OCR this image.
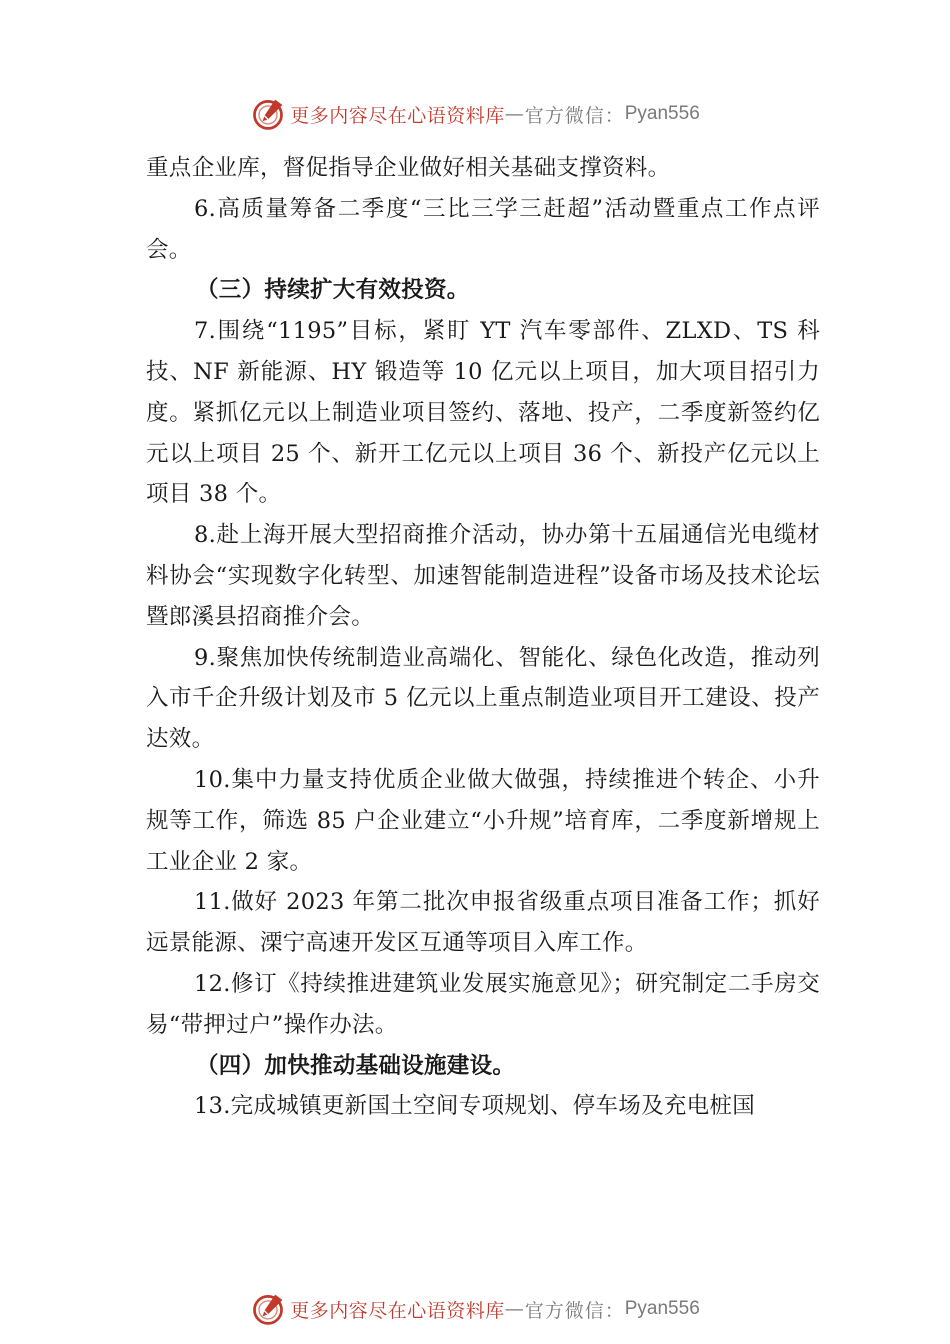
更多内容尽在心语资料库 — 官方微信： Pyan556

重点企业库，督促指导企业做好相关基础支撑资料。

6.高质量筹备二季度“三比三学三赶超”活动暨重点工作点评会。

（三）持续扩大有效投资。

7.围绕“1195”目标，紧盯 YT 汽车零部件、ZLXD、TS 科技、NF 新能源、HY 锻造等 10 亿元以上项目，加大项目招引力度。紧抓亿元以上制造业项目签约、落地、投产，二季度新签约亿元以上项目 25 个、新开工亿元以上项目 36 个、新投产亿元以上项目 38 个。

8.赴上海开展大型招商推介活动，协办第十五届通信光电缆材料协会“实现数字化转型、加速智能制造进程”设备市场及技术论坛暨郎溪县招商推介会。

9.聚焦加快传统制造业高端化、智能化、绿色化改造，推动列入市千企升级计划及市 5 亿元以上重点制造业项目开工建设、投产达效。

10.集中力量支持优质企业做大做强，持续推进个转企、小升规等工作，筛选 85 户企业建立“小升规”培育库，二季度新增规上工业企业 2 家。

11.做好 2023 年第二批次申报省级重点项目准备工作；抓好远景能源、溧宁高速开发区互通等项目入库工作。

12.修订《持续推进建筑业发展实施意见》；研究制定二手房交易“带押过户”操作办法。

（四）加快推动基础设施建设。

13.完成城镇更新国土空间专项规划、停车场及充电桩国

更多内容尽在心语资料库 — 官方微信： Pyan556
